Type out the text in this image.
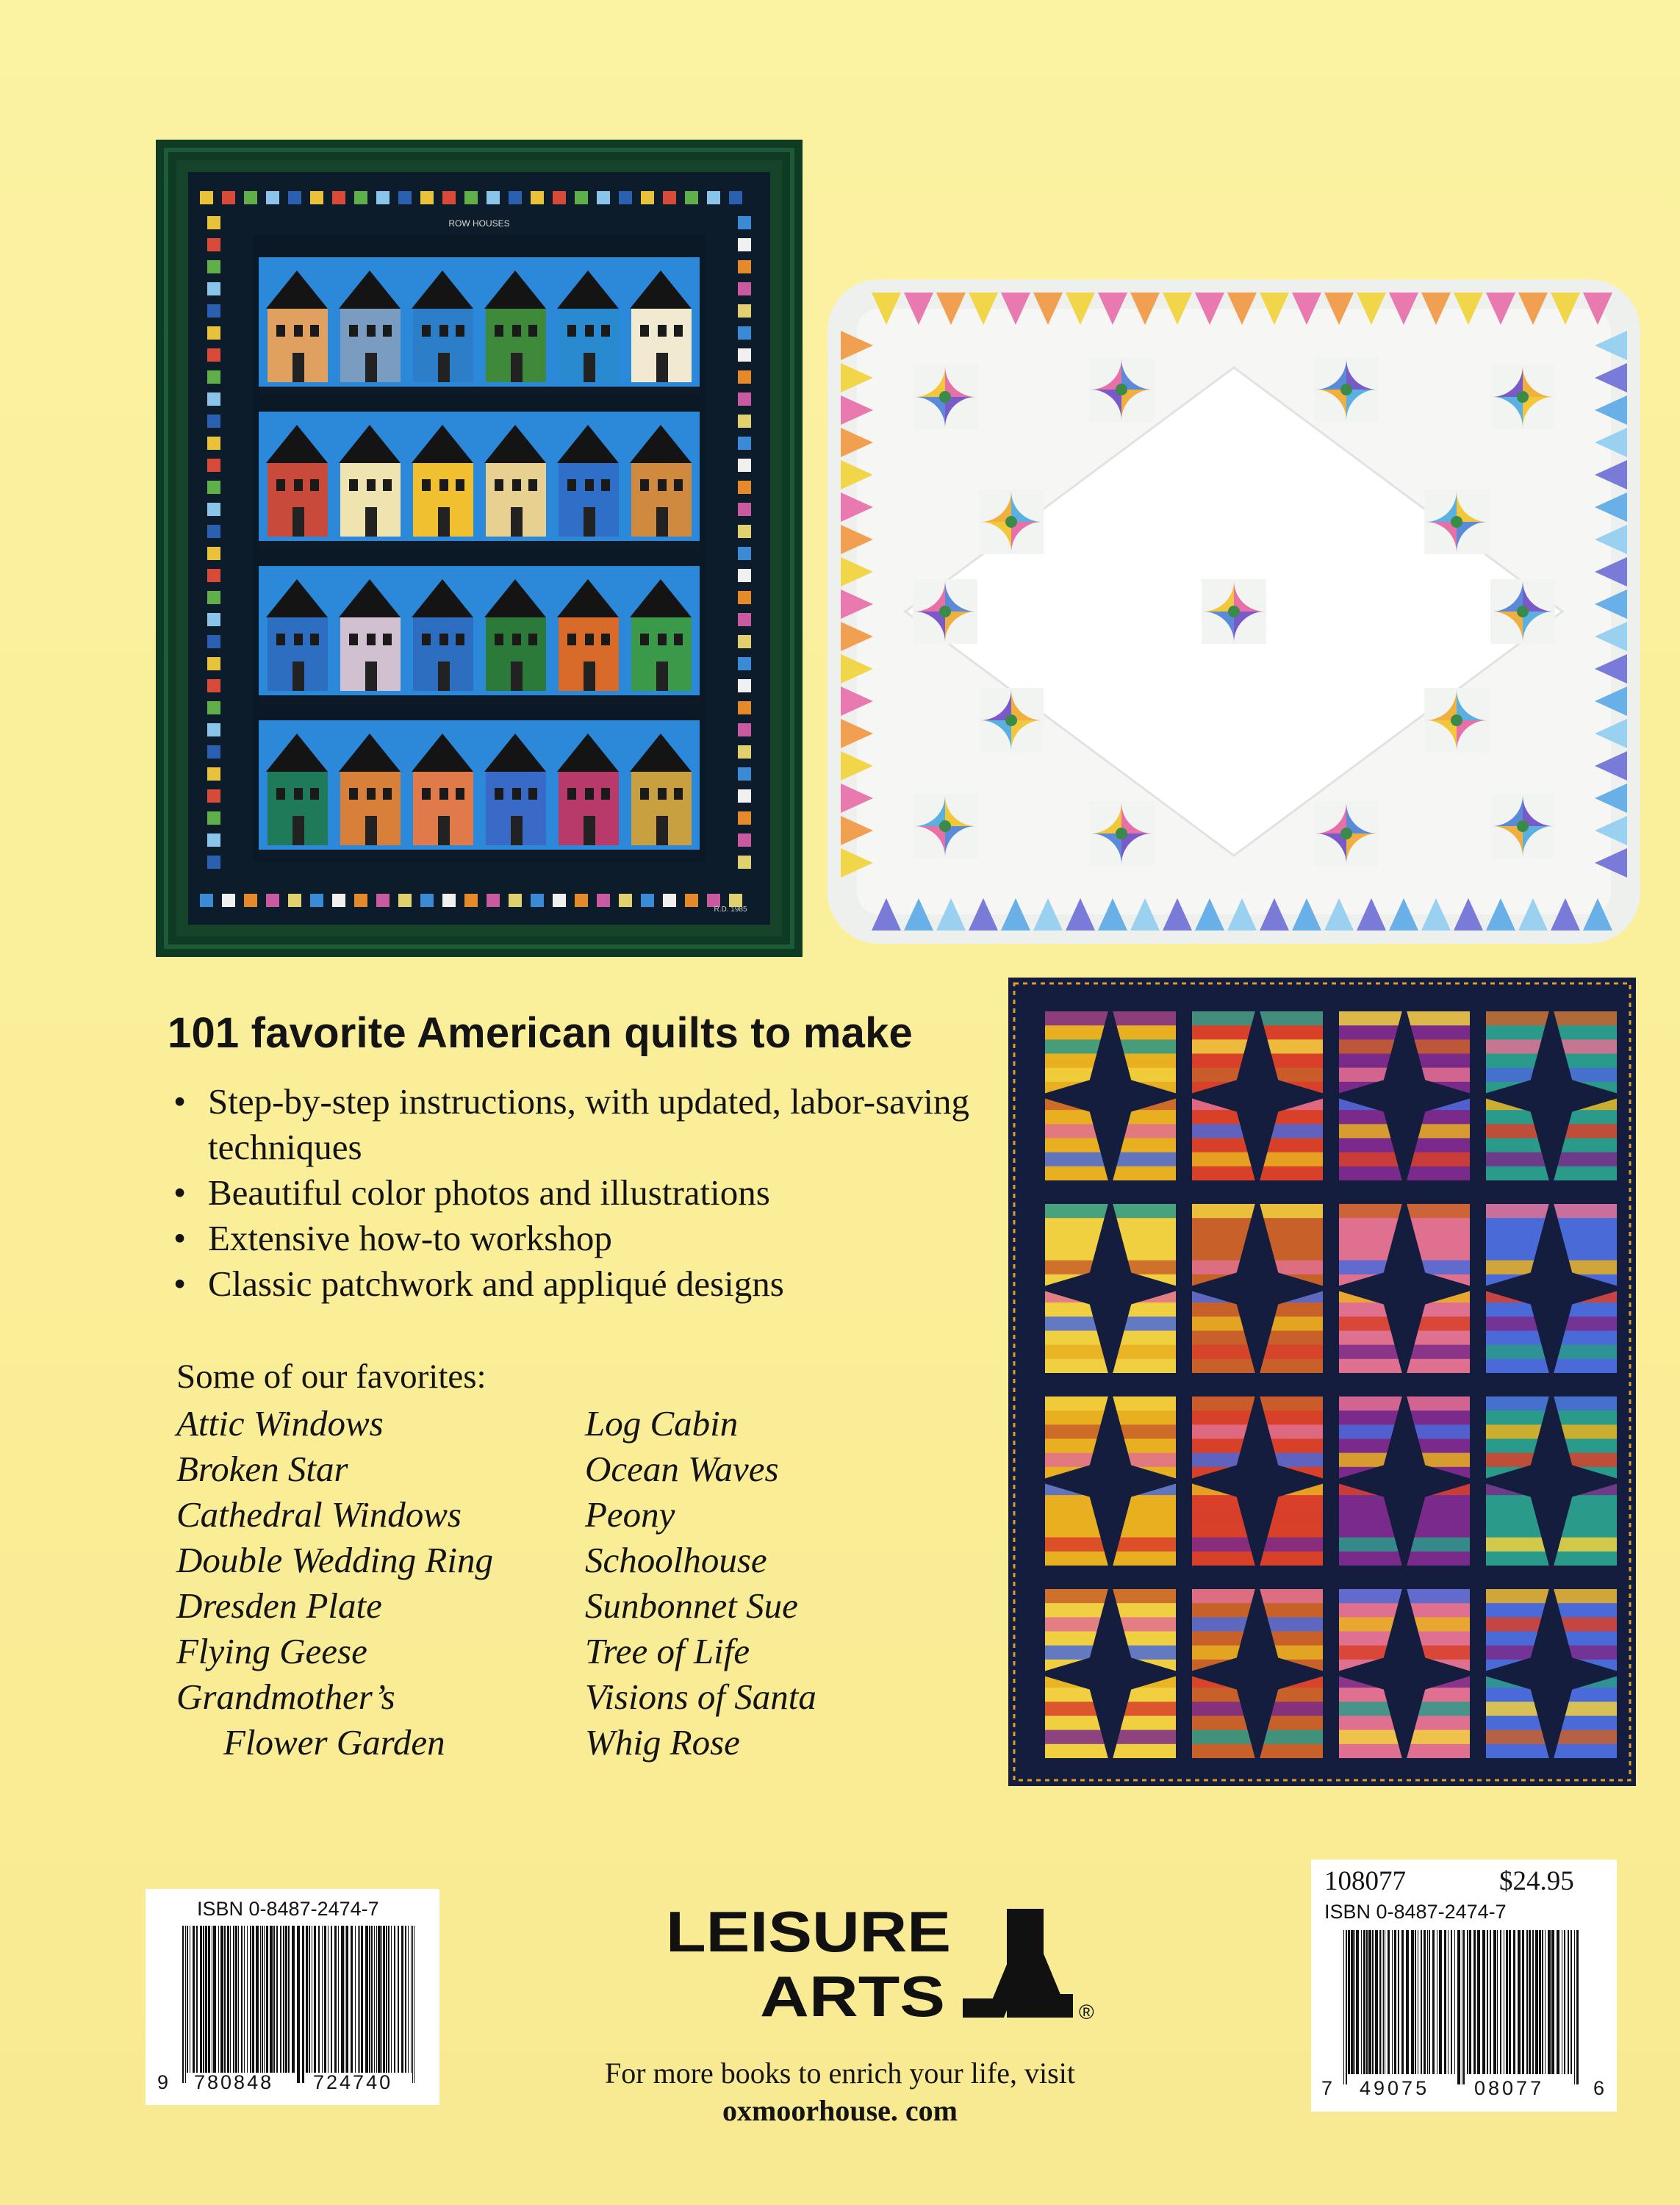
ROW HOUSES
R.D. 1985
101 favorite American quilts to make
• Step-by-step instructions, with updated, labor-saving techniques
• Beautiful color photos and illustrations
• Extensive how-to workshop
• Classic patchwork and appliqué designs
Some of our favorites:
Attic Windows
Broken Star
Cathedral Windows
Double Wedding Ring
Dresden Plate
Flying Geese
Grandmother’s
Flower Garden
Log Cabin
Ocean Waves
Peony
Schoolhouse
Sunbonnet Sue
Tree of Life
Visions of Santa
Whig Rose
ISBN 0-8487-2474-7
9 780848 724740
108077	$24.95
ISBN 0-8487-2474-7
7 49075 08077 6
LEISURE
ARTS	®
For more books to enrich your life, visit
oxmoorhouse. com
